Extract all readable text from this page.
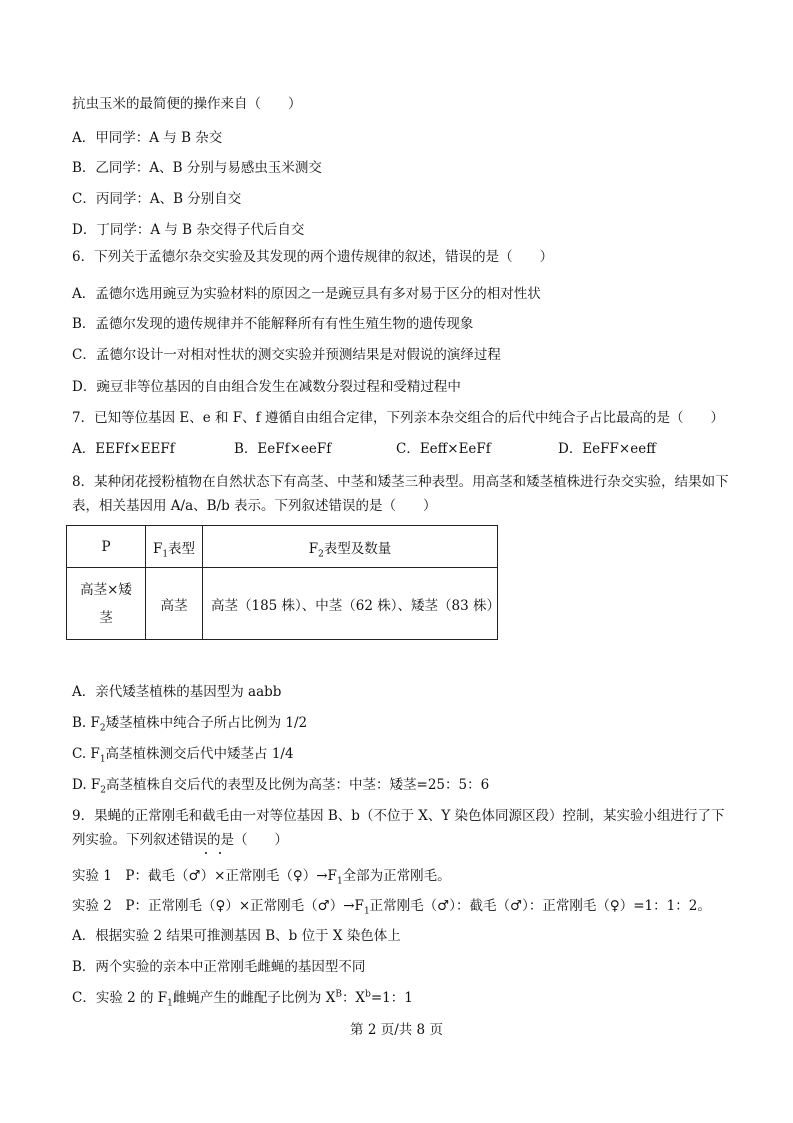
抗虫玉米的最简便的操作来自（　　）
A．甲同学：A 与 B 杂交
B．乙同学：A、B 分别与易感虫玉米测交
C．丙同学：A、B 分别自交
D．丁同学：A 与 B 杂交得子代后自交
6．下列关于孟德尔杂交实验及其发现的两个遗传规律的叙述，错误的是（　　）
A．孟德尔选用豌豆为实验材料的原因之一是豌豆具有多对易于区分的相对性状
B．孟德尔发现的遗传规律并不能解释所有有性生殖生物的遗传现象
C．孟德尔设计一对相对性状的测交实验并预测结果是对假说的演绎过程
D．豌豆非等位基因的自由组合发生在减数分裂过程和受精过程中
7．已知等位基因 E、e 和 F、f 遵循自由组合定律，下列亲本杂交组合的后代中纯合子占比最高的是（　　）
A．EEFf×EEFf	B．EeFf×eeFf	C．Eeff×EeFf	D．EeFF×eeff
8．某种闭花授粉植物在自然状态下有高茎、中茎和矮茎三种表型。用高茎和矮茎植株进行杂交实验，结果如下表，相关基因用 A/a、B/b 表示。下列叙述错误的是（　　）
P	$F_1$表型	$F_2$表型及数量
高茎×矮茎	高茎	高茎（185 株）、中茎（62 株）、矮茎（83 株）
A．亲代矮茎植株的基因型为 aabb
B. $F_2$矮茎植株中纯合子所占比例为 1/2
C. $F_1$高茎植株测交后代中矮茎占 1/4
D. $F_2$高茎植株自交后代的表型及比例为高茎：中茎：矮茎=25：5：6
9．果蝇的正常刚毛和截毛由一对等位基因 B、b（不位于 X、Y 染色体同源区段）控制，某实验小组进行了下列实验。下列叙述错误的是（　　）
实验 1　P：截毛（♂）×正常刚毛$(♀)\to F_1$全部为正常刚毛。
实验 2　P：正常刚毛（♀）×正常刚毛$(♂)\to F_1$正常刚毛（♂）：截毛（♂）：正常刚毛（♀）=1：1：2。
A．根据实验 2 结果可推测基因 B、b 位于 X 染色体上
B．两个实验的亲本中正常刚毛雌蝇的基因型不同
C．实验 2 的 $F_1$雌蝇产生的雌配子比例为 $X^B$：$X^b=1$：1
第 2 页/共 8 页
